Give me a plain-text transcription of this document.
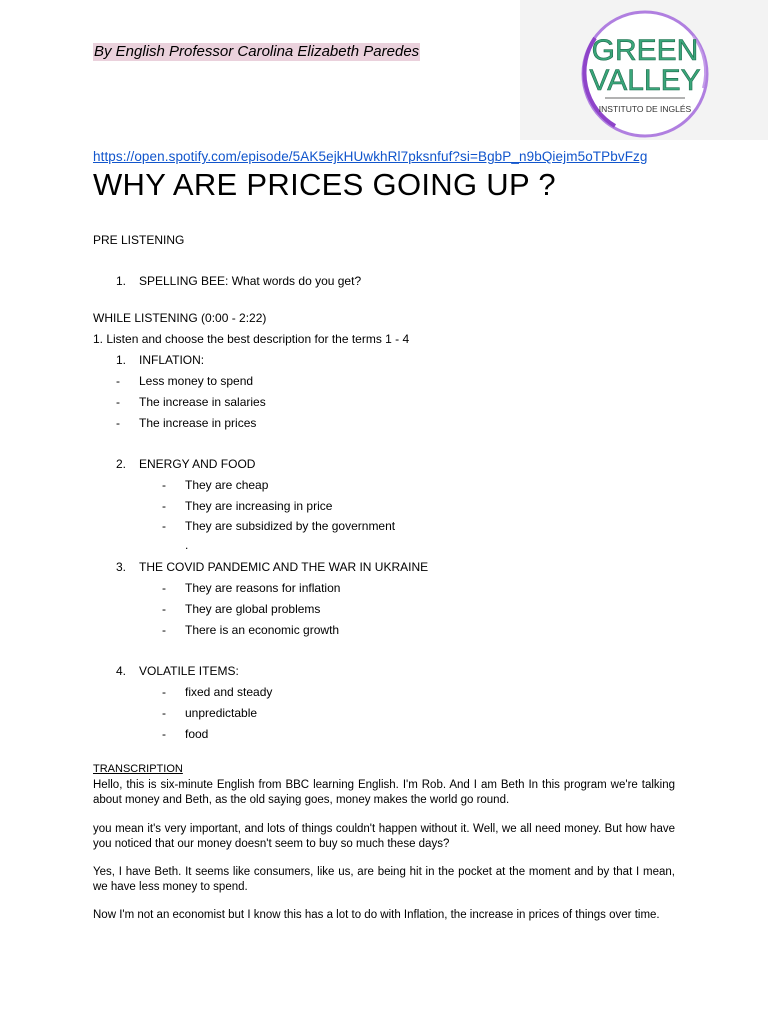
By English Professor Carolina Elizabeth Paredes	GREEN
VALLEY
INSTITUTO DE INGLÉS
https://open.spotify.com/episode/5AK5ejkHUwkhRl7pksnfuf?si=BgbP_n9bQiejm5oTPbvFzg
WHY ARE PRICES GOING UP ?
PRE LISTENING
1. SPELLING BEE: What words do you get?
WHILE LISTENING (0:00 - 2:22)
1. Listen and choose the best description for the terms 1 - 4
1. INFLATION:
- Less money to spend
- The increase in salaries
- The increase in prices
2. ENERGY AND FOOD
- They are cheap
- They are increasing in price
- They are subsidized by the government
.
3. THE COVID PANDEMIC AND THE WAR IN UKRAINE
- They are reasons for inflation
- They are global problems
- There is an economic growth
4. VOLATILE ITEMS:
- fixed and steady
- unpredictable
- food
TRANSCRIPTION

Hello, this is six-minute English from BBC learning English. I'm Rob. And I am Beth In this program we're talking about money and Beth, as the old saying goes, money makes the world go round.

you mean it's very important, and lots of things couldn't happen without it. Well, we all need money. But how have you noticed that our money doesn't seem to buy so much these days?

Yes, I have Beth. It seems like consumers, like us, are being hit in the pocket at the moment and by that I mean, we have less money to spend.

Now I'm not an economist but I know this has a lot to do with Inflation, the increase in prices of things over time.
